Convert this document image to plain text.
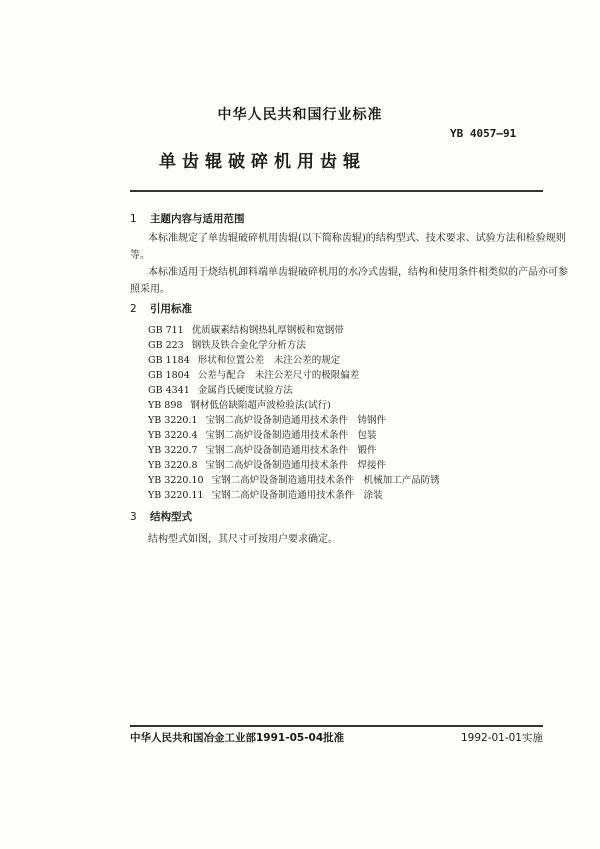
中华人民共和国行业标准
YB 4057—91
单齿辊破碎机用齿辊
1 主题内容与适用范围
本标准规定了单齿辊破碎机用齿辊(以下简称齿辊)的结构型式、技术要求、试验方法和检验规则
等。
本标准适用于烧结机卸料端单齿辊破碎机用的水冷式齿辊，结构和使用条件相类似的产品亦可参
照采用。
2 引用标准
GB 711 优质碳素结构钢热轧厚钢板和宽钢带
GB 223 钢铁及铁合金化学分析方法
GB 1184 形状和位置公差　未注公差的规定
GB 1804 公差与配合　未注公差尺寸的极限偏差
GB 4341 金属肖氏硬度试验方法
YB 898 钢材低倍缺陷超声波检验法(试行)
YB 3220.1 宝钢二高炉设备制造通用技术条件　铸钢件
YB 3220.4 宝钢二高炉设备制造通用技术条件　包装
YB 3220.7 宝钢二高炉设备制造通用技术条件　锻件
YB 3220.8 宝钢二高炉设备制造通用技术条件　焊接件
YB 3220.10 宝钢二高炉设备制造通用技术条件　机械加工产品防锈
YB 3220.11 宝钢二高炉设备制造通用技术条件　涂装
3 结构型式
结构型式如图，其尺寸可按用户要求确定。
中华人民共和国冶金工业部1991-05-04批准	1992-01-01实施
